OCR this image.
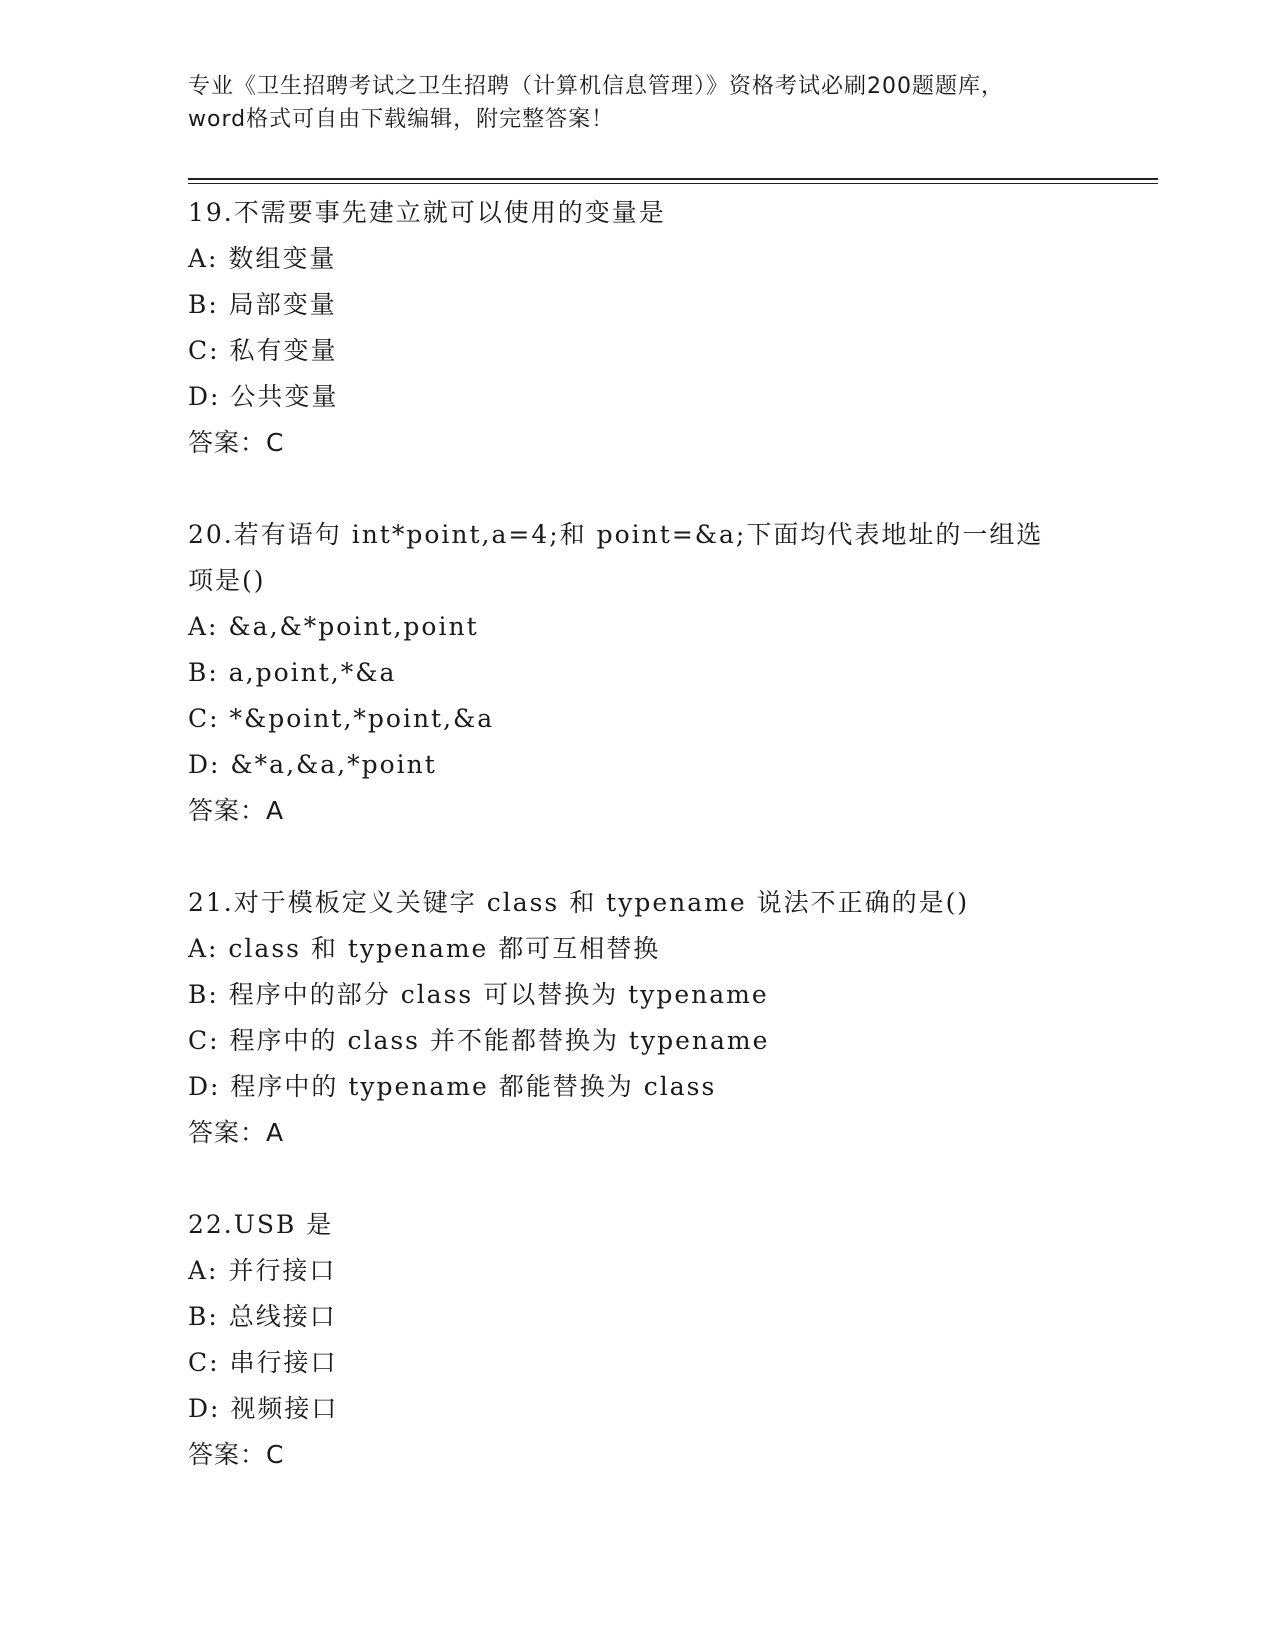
专业《卫生招聘考试之卫生招聘（计算机信息管理）》资格考试必刷200题题库，
word格式可自由下载编辑，附完整答案！
19.不需要事先建立就可以使用的变量是
A: 数组变量
B: 局部变量
C: 私有变量
D: 公共变量
答案：C
20.若有语句 int*point,a=4;和 point=&a;下面均代表地址的一组选项是()
A: &a,&*point,point
B: a,point,*&a
C: *&point,*point,&a
D: &*a,&a,*point
答案：A
21.对于模板定义关键字 class 和 typename 说法不正确的是()
A: class 和 typename 都可互相替换
B: 程序中的部分 class 可以替换为 typename
C: 程序中的 class 并不能都替换为 typename
D: 程序中的 typename 都能替换为 class
答案：A
22.USB 是
A: 并行接口
B: 总线接口
C: 串行接口
D: 视频接口
答案：C
